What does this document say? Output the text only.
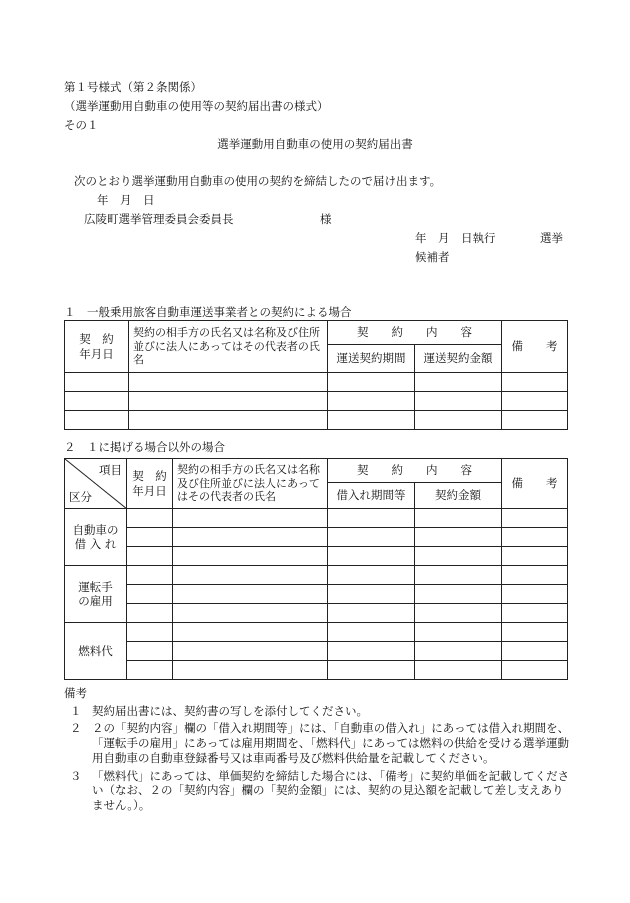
第１号様式（第２条関係）
（選挙運動用自動車の使用等の契約届出書の様式）
その１
選挙運動用自動車の使用の契約届出書
次のとおり選挙運動用自動車の使用の契約を締結したので届け出ます。
年　月　日
広陵町選挙管理委員会委員長	様
年　月　日執行	選挙
候補者
１　一般乗用旅客自動車運送事業者との契約による場合
契　約
年月日	契約の相手方の氏名又は名称及び住所並びに法人にあってはその代表者の氏名	契　　約　　内　　容		備　　考
		運送契約期間	運送契約金額	

２　１に掲げる場合以外の場合
項目
区分	契　約
年月日	契約の相手方の氏名又は名称及び住所並びに法人にあってはその代表者の氏名	契　　約　　内　　容		備　　考
			借入れ期間等	契約金額	
自動車の
借 入 れ					

運転手
の雇用					

燃料代					

備考
１ 契約届出書には、契約書の写しを添付してください。
２ ２の「契約内容」欄の「借入れ期間等」には、「自動車の借入れ」にあっては借入れ期間を、「運転手の雇用」にあっては雇用期間を、「燃料代」にあっては燃料の供給を受ける選挙運動用自動車の自動車登録番号又は車両番号及び燃料供給量を記載してください。
３ 「燃料代」にあっては、単価契約を締結した場合には、「備考」に契約単価を記載してください（なお、２の「契約内容」欄の「契約金額」には、契約の見込額を記載して差し支えありません。）。
